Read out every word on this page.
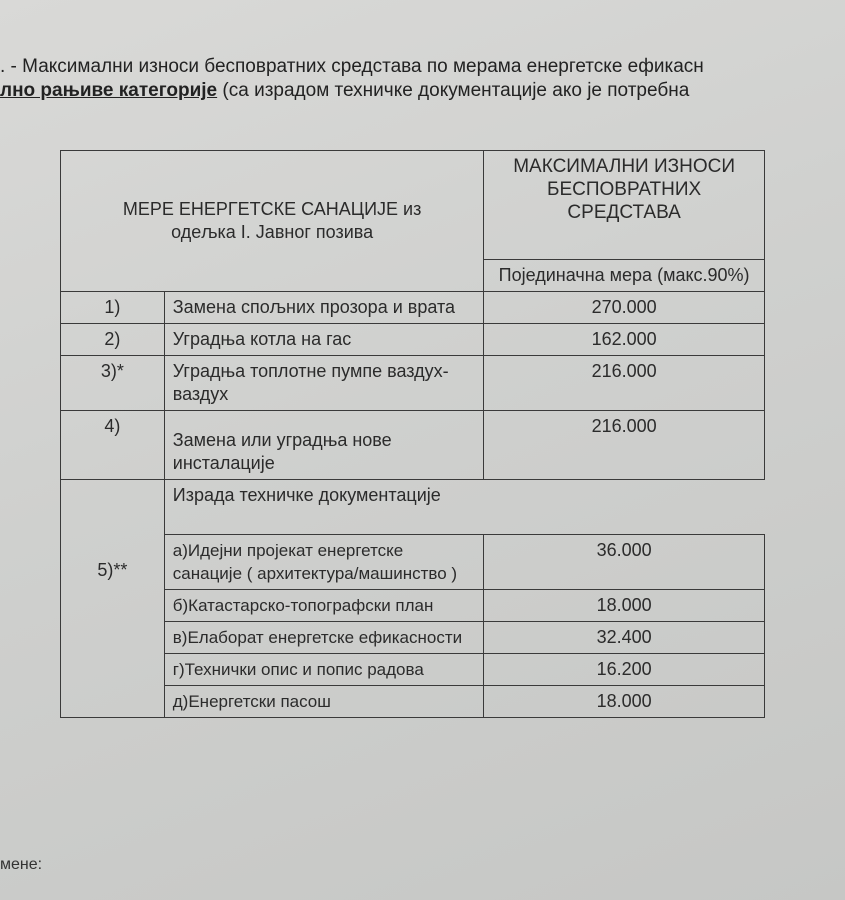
. - Максимални износи бесповратних средстава по мерама енергетске ефикасн
лно рањиве категорије (са израдом техничке документације ако је потребна
МЕРЕ ЕНЕРГЕТСКЕ САНАЦИЈЕ из одељка I. Јавног позива		МАКСИМАЛНИ ИЗНОСИ БЕСПОВРАТНИХ СРЕДСТАВА
		Појединачна мера (макс.90%)
1)	Замена спољних прозора и врата	270.000
2)	Уградња котла на гас	162.000
3)*	Уградња топлотне пумпе ваздух-ваздух	216.000
4)	Замена или уградња нове инсталације	216.000
5)**	Израда техничке документације	
	а)Идејни пројекат енергетске санације ( архитектура/машинство )	36.000
	б)Катастарско-топографски план	18.000
	в)Елаборат енергетске ефикасности	32.400
	г)Технички опис и попис радова	16.200
	д)Енергетски пасош	18.000
мене:
